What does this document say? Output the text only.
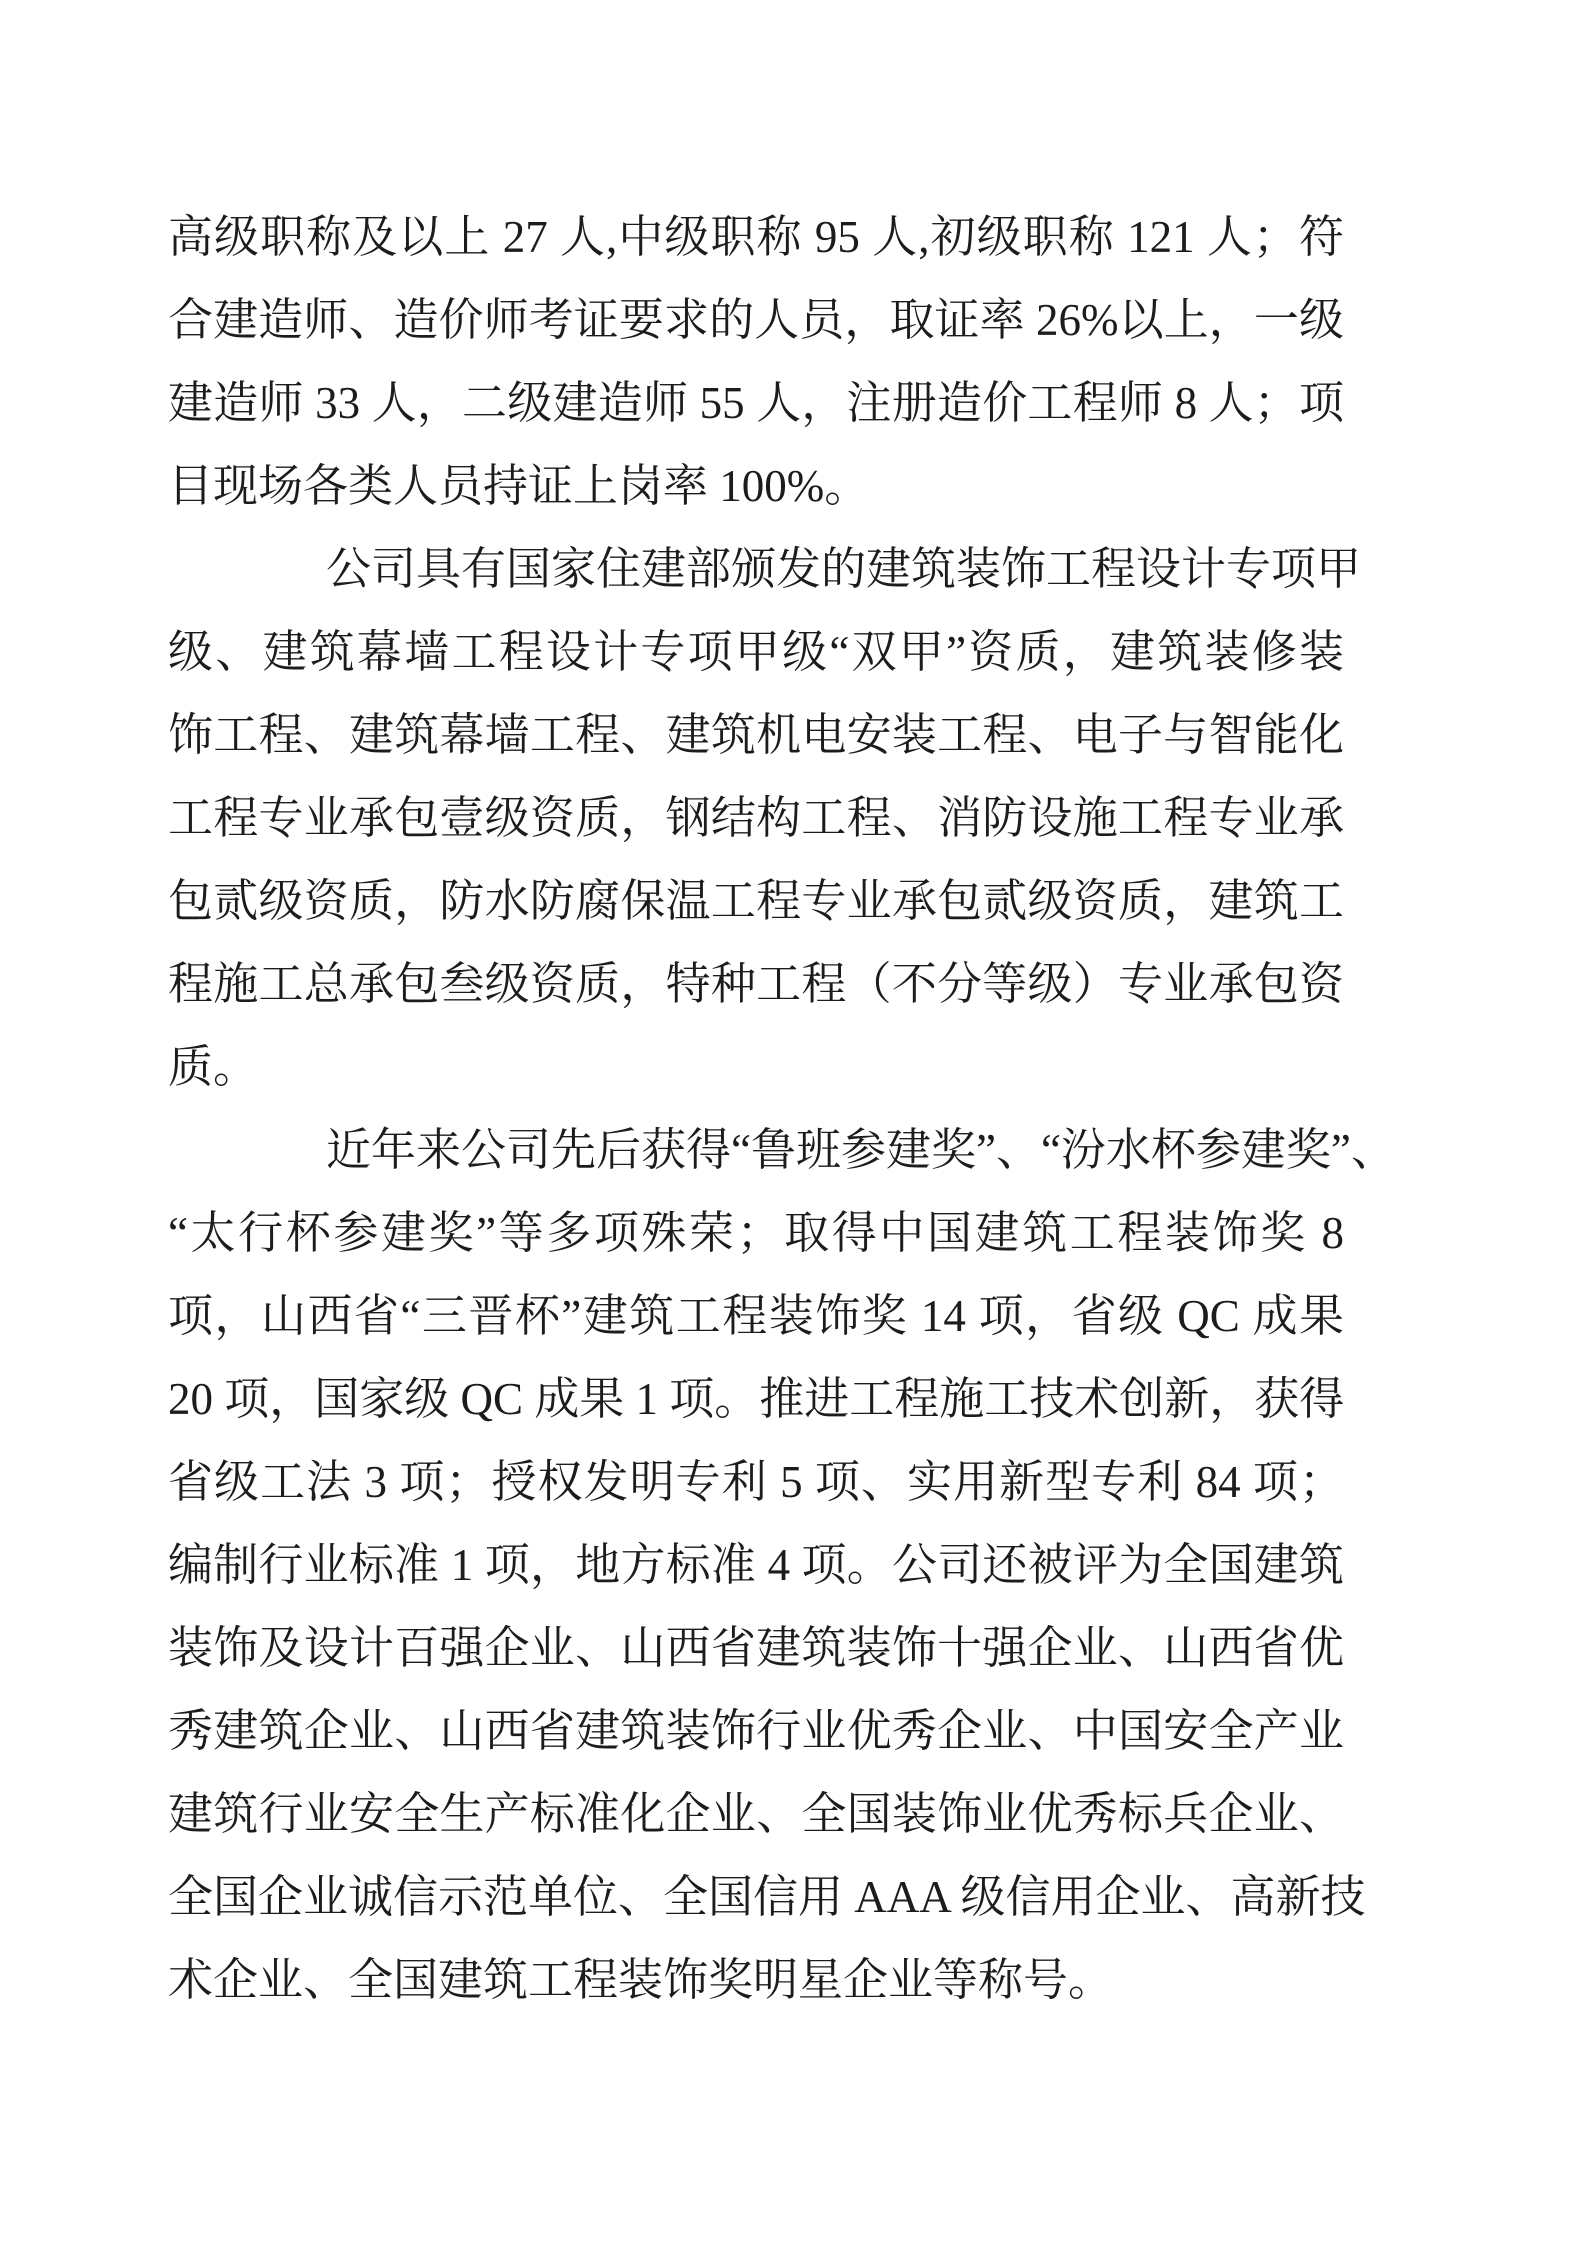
高级职称及以上 27 人,中级职称 95 人,初级职称 121 人；符
合建造师、造价师考证要求的人员，取证率 26%以上，一级
建造师 33 人，二级建造师 55 人，注册造价工程师 8 人；项
目现场各类人员持证上岗率 100%。
公司具有国家住建部颁发的建筑装饰工程设计专项甲
级、建筑幕墙工程设计专项甲级“双甲”资质，建筑装修装
饰工程、建筑幕墙工程、建筑机电安装工程、电子与智能化
工程专业承包壹级资质，钢结构工程、消防设施工程专业承
包贰级资质，防水防腐保温工程专业承包贰级资质，建筑工
程施工总承包叁级资质，特种工程（不分等级）专业承包资
质。
近年来公司先后获得“鲁班参建奖”、“汾水杯参建奖”、
“太行杯参建奖”等多项殊荣；取得中国建筑工程装饰奖 8
项，山西省“三晋杯”建筑工程装饰奖 14 项，省级 QC 成果
20 项，国家级 QC 成果 1 项。推进工程施工技术创新，获得
省级工法 3 项；授权发明专利 5 项、实用新型专利 84 项；
编制行业标准 1 项，地方标准 4 项。公司还被评为全国建筑
装饰及设计百强企业、山西省建筑装饰十强企业、山西省优
秀建筑企业、山西省建筑装饰行业优秀企业、中国安全产业
建筑行业安全生产标准化企业、全国装饰业优秀标兵企业、
全国企业诚信示范单位、全国信用 AAA 级信用企业、高新技
术企业、全国建筑工程装饰奖明星企业等称号。
